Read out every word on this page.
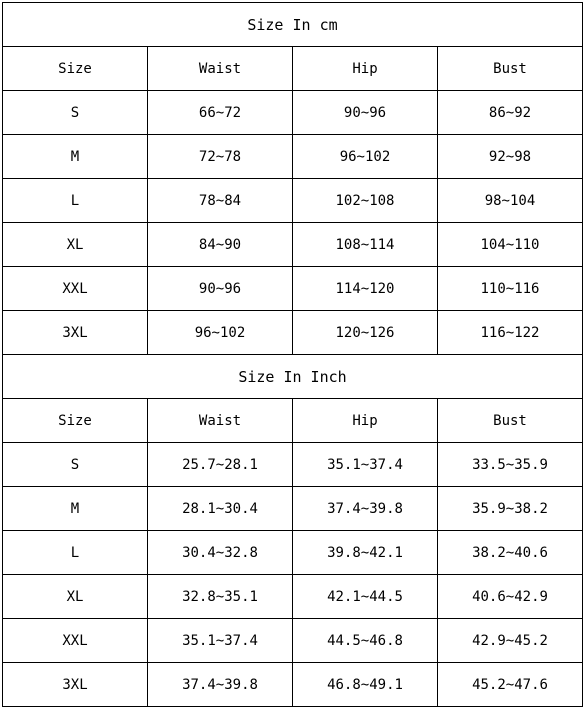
Size In cm			
Size	Waist	Hip	Bust
S	66~72	90~96	86~92
M	72~78	96~102	92~98
L	78~84	102~108	98~104
XL	84~90	108~114	104~110
XXL	90~96	114~120	110~116
3XL	96~102	120~126	116~122
Size In Inch			
Size	Waist	Hip	Bust
S	25.7~28.1	35.1~37.4	33.5~35.9
M	28.1~30.4	37.4~39.8	35.9~38.2
L	30.4~32.8	39.8~42.1	38.2~40.6
XL	32.8~35.1	42.1~44.5	40.6~42.9
XXL	35.1~37.4	44.5~46.8	42.9~45.2
3XL	37.4~39.8	46.8~49.1	45.2~47.6
